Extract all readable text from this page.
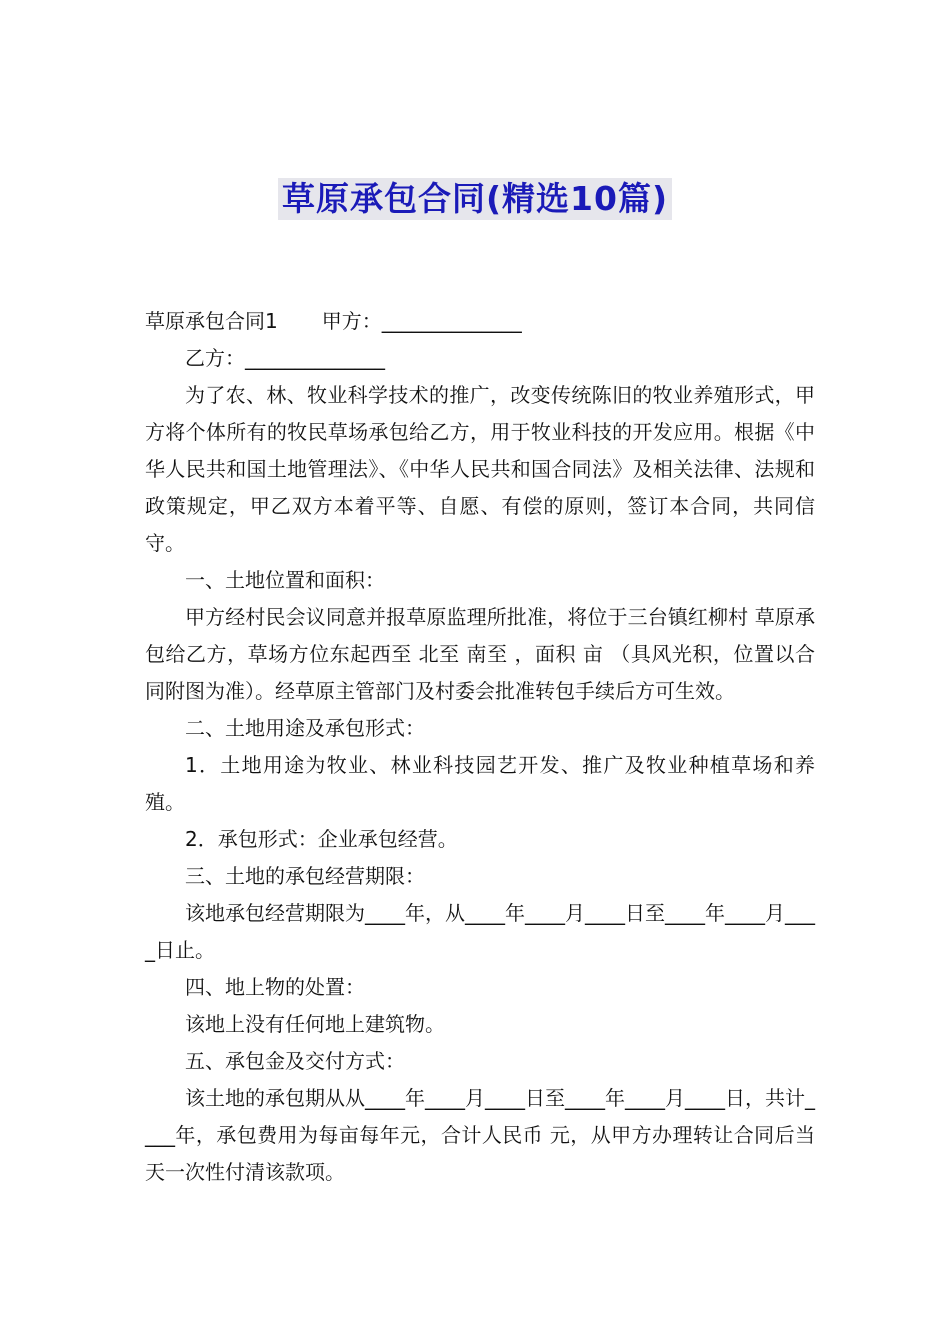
草原承包合同(精选10篇)

草原承包合同1 甲方：______________

乙方：______________

为了农、林、牧业科学技术的推广，改变传统陈旧的牧业养殖形式，甲方将个体所有的牧民草场承包给乙方，用于牧业科技的开发应用。根据《中华人民共和国土地管理法》、《中华人民共和国合同法》及相关法律、法规和政策规定，甲乙双方本着平等、自愿、有偿的原则，签订本合同，共同信守。

一、土地位置和面积：

甲方经村民会议同意并报草原监理所批准，将位于三台镇红柳村 草原承包给乙方，草场方位东起西至 北至 南至 ，面积 亩 （具风光积，位置以合同附图为准）。经草原主管部门及村委会批准转包手续后方可生效。

二、土地用途及承包形式：

1．土地用途为牧业、林业科技园艺开发、推广及牧业种植草场和养殖。

2．承包形式：企业承包经营。

三、土地的承包经营期限：

该地承包经营期限为____年，从____年____月____日至____年____月____日止。

四、地上物的处置：

该地上没有任何地上建筑物。

五、承包金及交付方式：

该土地的承包期从从____年____月____日至____年____月____日，共计____年，承包费用为每亩每年元，合计人民币 元，从甲方办理转让合同后当天一次性付清该款项。
